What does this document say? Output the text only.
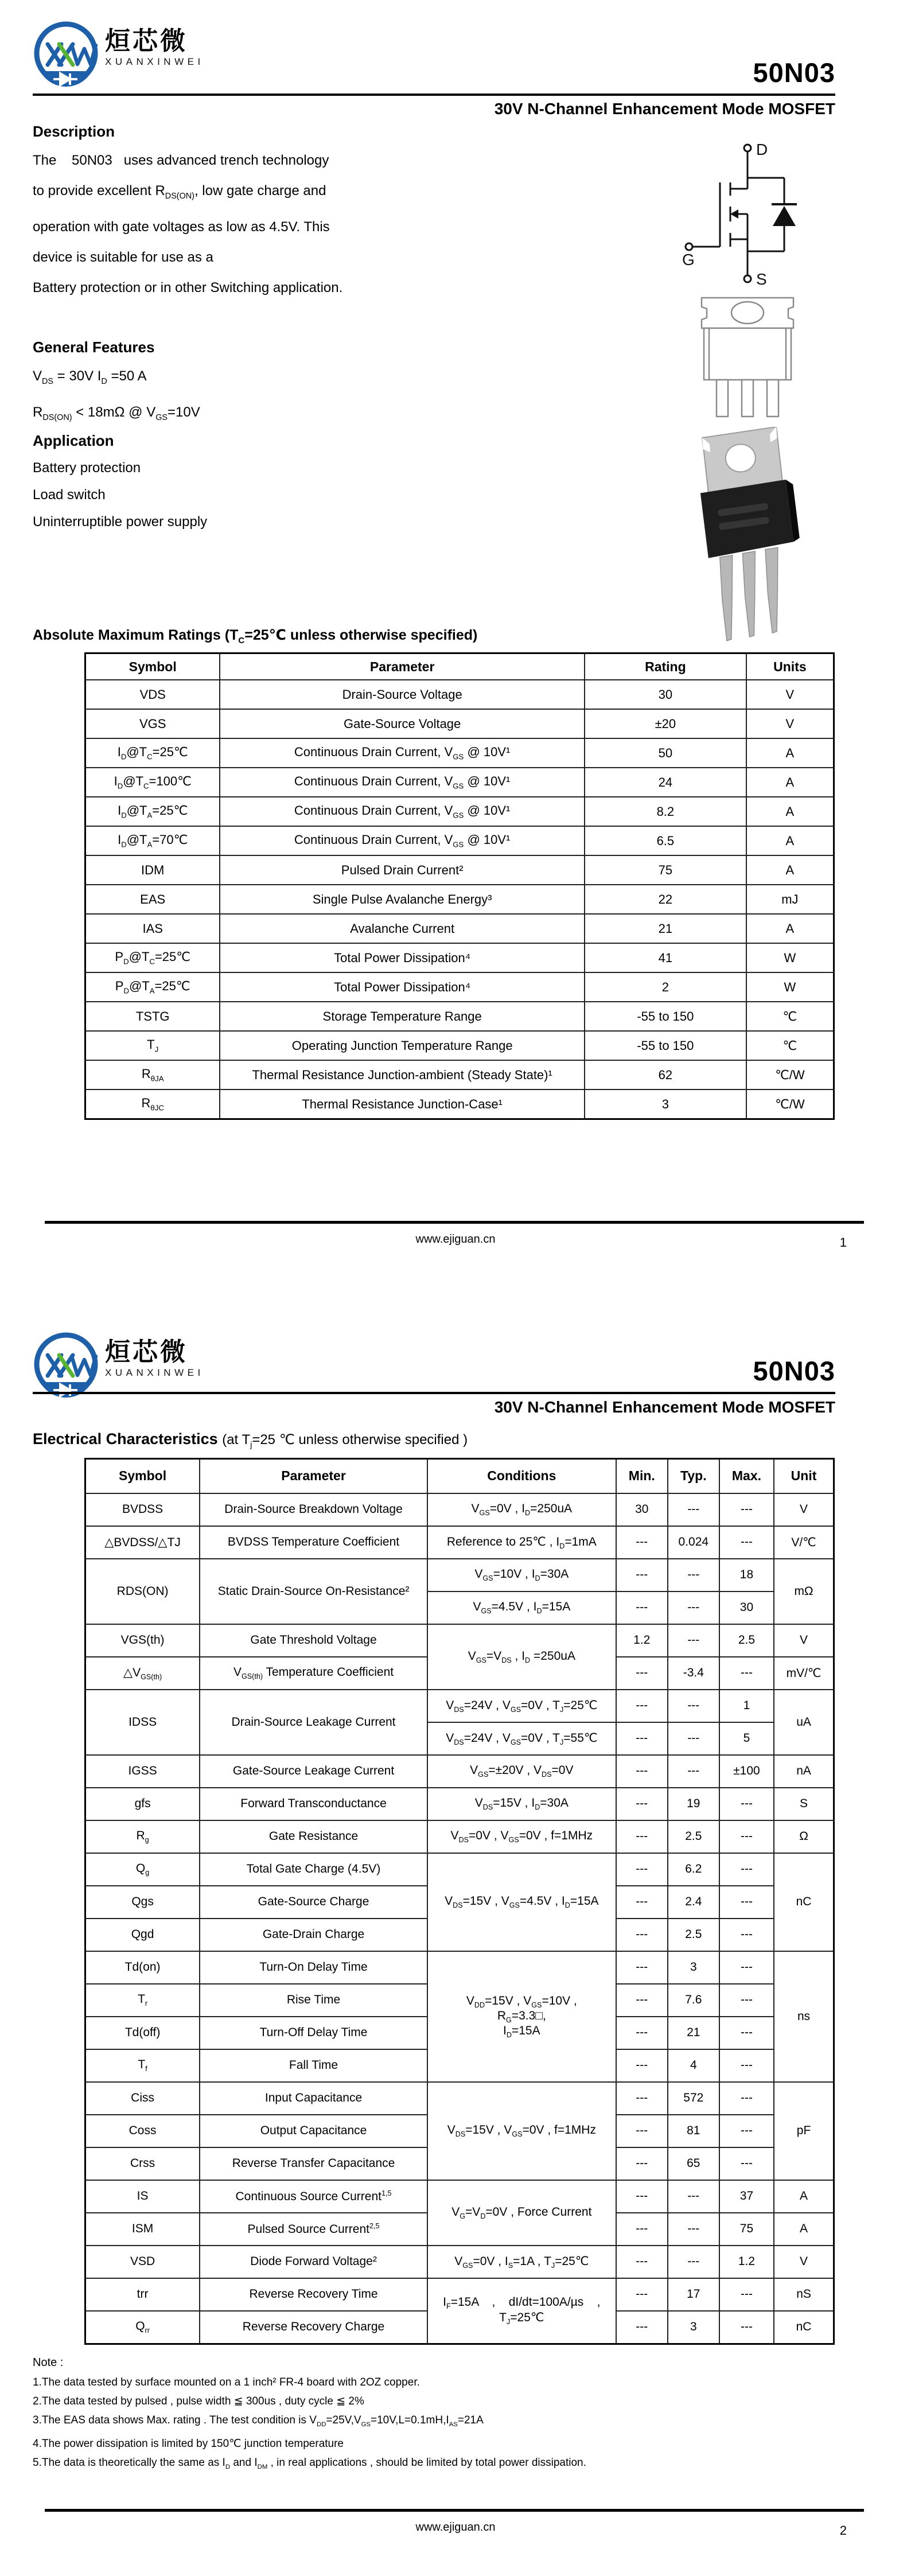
烜芯微
XUANXINWEI	50N03
30V N-Channel Enhancement Mode MOSFET
Description
The    50N03   uses advanced trench technology
to provide excellent $R_{DS(ON)}$, low gate charge and
operation with gate voltages as low as 4.5V. This
device is suitable for use as a
Battery protection or in other Switching application.
General Features
$V_{DS} = 30V$ $I_D =50$ A
$R_{DS(ON)} < 18m\Omega$ @ $V_{GS}=10V$
Application
Battery protection
Load switch
Uninterruptible power supply
D
G
S
Absolute Maximum Ratings ($T_C=25℃$ unless otherwise specified)
Symbol	Parameter	Rating	Units
VDS	Drain-Source Voltage	30	V
VGS	Gate-Source Voltage	±20	V
$I_D@T_C=25℃$	Continuous Drain Current, $V_{GS}$ @ 10V¹	50	A
$I_D@T_C=100℃$	Continuous Drain Current, $V_{GS}$ @ 10V¹	24	A
$I_D@T_A=25℃$	Continuous Drain Current, $V_{GS}$ @ 10V¹	8.2	A
$I_D@T_A=70℃$	Continuous Drain Current, $V_{GS}$ @ 10V¹	6.5	A
IDM	Pulsed Drain Current²	75	A
EAS	Single Pulse Avalanche Energy³	22	mJ
IAS	Avalanche Current	21	A
$P_D@T_C=25℃$	Total Power Dissipation⁴	41	W
$P_D@T_A=25℃$	Total Power Dissipation⁴	2	W
TSTG	Storage Temperature Range	-55 to 150	℃
$T_J$	Operating Junction Temperature Range	-55 to 150	℃
$R_{\theta JA}$	Thermal Resistance Junction-ambient (Steady State)¹	62	℃/W
$R_{\theta JC}$	Thermal Resistance Junction-Case¹	3	℃/W
www.ejiguan.cn	1
烜芯微
XUANXINWEI	50N03
30V N-Channel Enhancement Mode MOSFET
Electrical Characteristics (at $T_j=25$ ℃ unless otherwise specified )
Symbol	Parameter	Conditions	Min.	Typ.	Max.	Unit
BVDSS	Drain-Source Breakdown Voltage	$V_{GS}=0V$ , $I_D=250uA$	30	---	---	V
△BVDSS/△TJ	BVDSS Temperature Coefficient	Reference to 25℃ , $I_D=1mA$	---	0.024	---	V/℃
RDS(ON)	Static Drain-Source On-Resistance²	$V_{GS}=10V$ , $I_D=30A$	---	---	18	mΩ
		$V_{GS}=4.5V$ , $I_D=15A$	---	---	30	
VGS(th)	Gate Threshold Voltage	$V_{GS}=V_{DS}$ , $I_D =250uA$	1.2	---	2.5	V
$\triangle V_{GS(th)}$	$V_{GS(th)}$ Temperature Coefficient		---	-3.4	---	mV/℃
IDSS	Drain-Source Leakage Current	$V_{DS}=24V$ , $V_{GS}=0V$ , $T_J=25℃$	---	---	1	uA
		$V_{DS}=24V$ , $V_{GS}=0V$ , $T_J=55℃$	---	---	5	
IGSS	Gate-Source Leakage Current	$V_{GS}=\pm 20V$ , $V_{DS}=0V$	---	---	±100	nA
gfs	Forward Transconductance	$V_{DS}=15V$ , $I_D=30A$	---	19	---	S
$R_g$	Gate Resistance	$V_{DS}=0V$ , $V_{GS}=0V$ , f=1MHz	---	2.5	---	Ω
$Q_g$	Total Gate Charge (4.5V)	$V_{DS}=15V$ , $V_{GS}=4.5V$ , $I_D=15A$	---	6.2	---	nC
Qgs	Gate-Source Charge		---	2.4	---	
Qgd	Gate-Drain Charge		---	2.5	---	
Td(on)	Turn-On Delay Time	$V_{DD}=15V$ , $V_{GS}=10V$ ,
$R_G=3.3□$,
$I_D=15A$	---	3	---	ns
$T_r$	Rise Time		---	7.6	---	
Td(off)	Turn-Off Delay Time		---	21	---	
$T_f$	Fall Time		---	4	---	
Ciss	Input Capacitance	$V_{DS}=15V$ , $V_{GS}=0V$ , f=1MHz	---	572	---	pF
Coss	Output Capacitance		---	81	---	
Crss	Reverse Transfer Capacitance		---	65	---	
IS	Continuous Source Current$^{1,5}$	$V_G=V_D=0V$ , Force Current	---	---	37	A
ISM	Pulsed Source Current$^{2,5}$		---	---	75	A
VSD	Diode Forward Voltage²	$V_{GS}=0V$ , $I_S=1A$ , $T_J=25℃$	---	---	1.2	V
trr	Reverse Recovery Time	$I_F=15A$    ,    dI/dt=100A/µs    ,
$T_J=25℃$	---	17	---	nS
$Q_{rr}$	Reverse Recovery Charge		---	3	---	nC
Note :
1.The data tested by surface mounted on a 1 inch² FR-4 board with 2OZ copper.
2.The data tested by pulsed , pulse width ≦ 300us , duty cycle ≦ 2%
3.The EAS data shows Max. rating . The test condition is $V_{DD}=25V,V_{GS}=10V,L=0.1mH,I_{AS}=21A$
4.The power dissipation is limited by 150℃ junction temperature
5.The data is theoretically the same as $I_D$ and $I_{DM}$ , in real applications , should be limited by total power dissipation.
www.ejiguan.cn	2
